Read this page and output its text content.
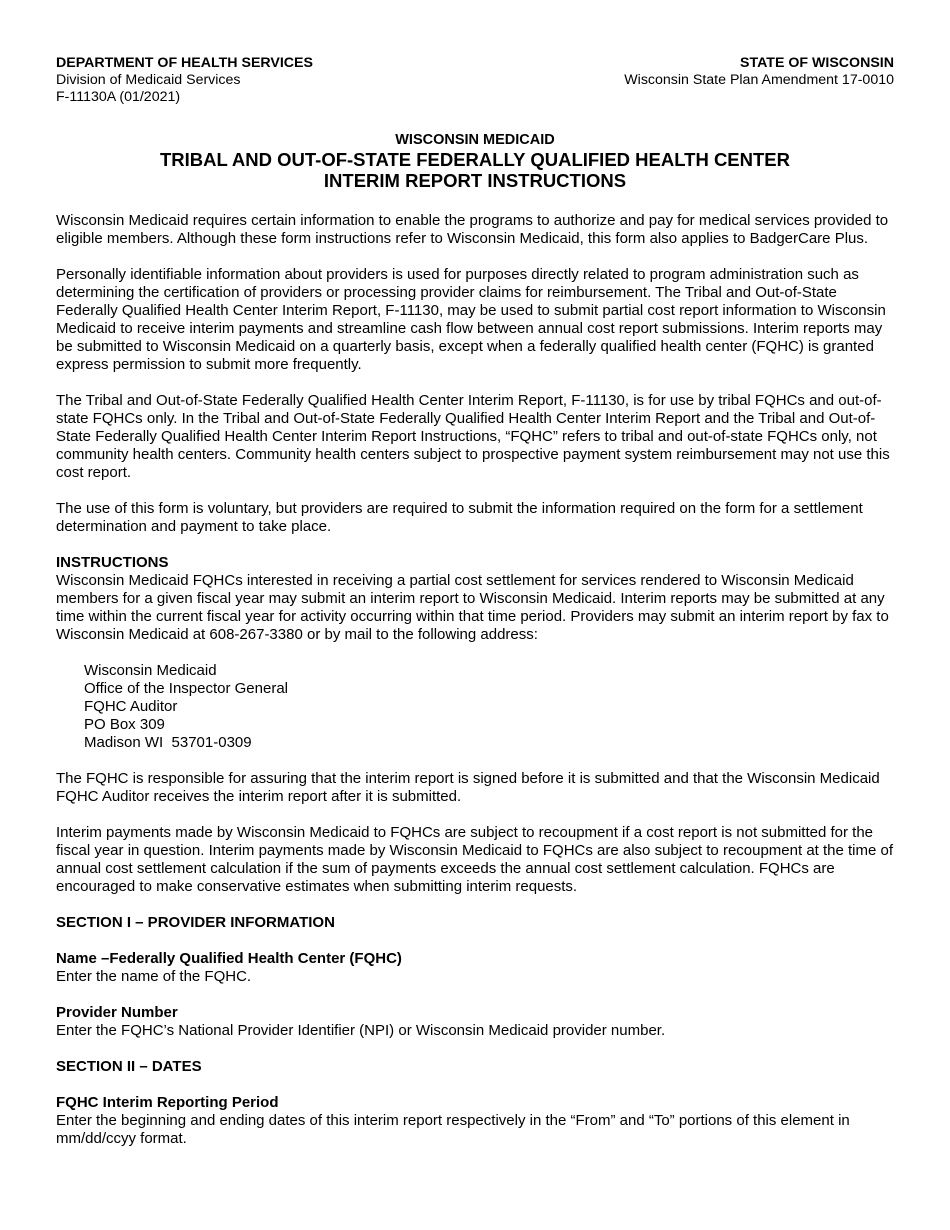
DEPARTMENT OF HEALTH SERVICES
Division of Medicaid Services
F-11130A (01/2021)
STATE OF WISCONSIN
Wisconsin State Plan Amendment 17-0010
WISCONSIN MEDICAID
TRIBAL AND OUT-OF-STATE FEDERALLY QUALIFIED HEALTH CENTER
INTERIM REPORT INSTRUCTIONS

Wisconsin Medicaid requires certain information to enable the programs to authorize and pay for medical services provided to eligible members. Although these form instructions refer to Wisconsin Medicaid, this form also applies to BadgerCare Plus.

Personally identifiable information about providers is used for purposes directly related to program administration such as determining the certification of providers or processing provider claims for reimbursement. The Tribal and Out-of-State Federally Qualified Health Center Interim Report, F-11130, may be used to submit partial cost report information to Wisconsin Medicaid to receive interim payments and streamline cash flow between annual cost report submissions. Interim reports may be submitted to Wisconsin Medicaid on a quarterly basis, except when a federally qualified health center (FQHC) is granted express permission to submit more frequently.

The Tribal and Out-of-State Federally Qualified Health Center Interim Report, F-11130, is for use by tribal FQHCs and out-of-state FQHCs only. In the Tribal and Out-of-State Federally Qualified Health Center Interim Report and the Tribal and Out-of-State Federally Qualified Health Center Interim Report Instructions, “FQHC” refers to tribal and out-of-state FQHCs only, not community health centers. Community health centers subject to prospective payment system reimbursement may not use this cost report.

The use of this form is voluntary, but providers are required to submit the information required on the form for a settlement determination and payment to take place.

INSTRUCTIONS

Wisconsin Medicaid FQHCs interested in receiving a partial cost settlement for services rendered to Wisconsin Medicaid members for a given fiscal year may submit an interim report to Wisconsin Medicaid. Interim reports may be submitted at any time within the current fiscal year for activity occurring within that time period. Providers may submit an interim report by fax to Wisconsin Medicaid at 608-267-3380 or by mail to the following address:

Wisconsin Medicaid
Office of the Inspector General
FQHC Auditor
PO Box 309
Madison WI  53701-0309

The FQHC is responsible for assuring that the interim report is signed before it is submitted and that the Wisconsin Medicaid FQHC Auditor receives the interim report after it is submitted.

Interim payments made by Wisconsin Medicaid to FQHCs are subject to recoupment if a cost report is not submitted for the fiscal year in question. Interim payments made by Wisconsin Medicaid to FQHCs are also subject to recoupment at the time of annual cost settlement calculation if the sum of payments exceeds the annual cost settlement calculation. FQHCs are encouraged to make conservative estimates when submitting interim requests.

SECTION I – PROVIDER INFORMATION
Name –Federally Qualified Health Center (FQHC)

Enter the name of the FQHC.

Provider Number

Enter the FQHC’s National Provider Identifier (NPI) or Wisconsin Medicaid provider number.

SECTION II – DATES
FQHC Interim Reporting Period

Enter the beginning and ending dates of this interim report respectively in the “From” and “To” portions of this element in mm/dd/ccyy format.
